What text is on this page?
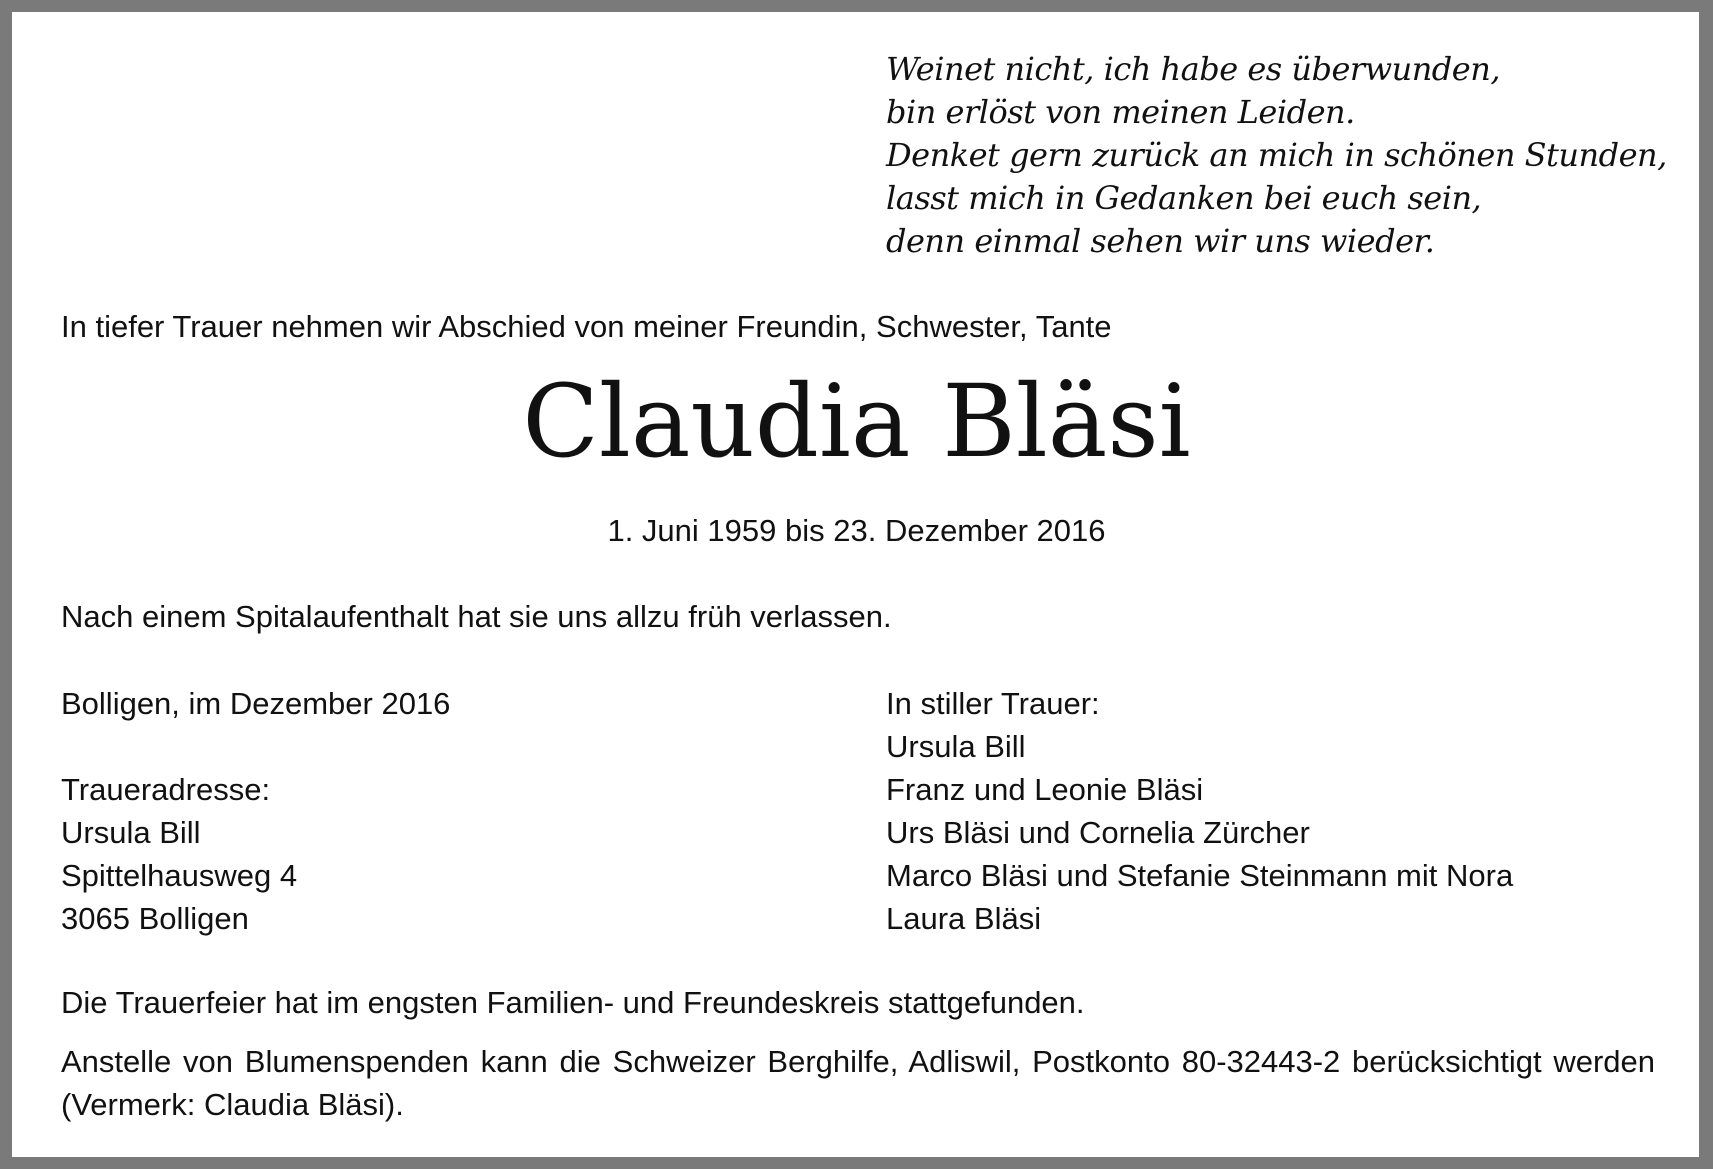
Weinet nicht, ich habe es überwunden,
bin erlöst von meinen Leiden.
Denket gern zurück an mich in schönen Stunden,
lasst mich in Gedanken bei euch sein,
denn einmal sehen wir uns wieder.
In tiefer Trauer nehmen wir Abschied von meiner Freundin, Schwester, Tante
Claudia Bläsi
1. Juni 1959 bis 23. Dezember 2016
Nach einem Spitalaufenthalt hat sie uns allzu früh verlassen.
Bolligen, im Dezember 2016
Traueradresse:
Ursula Bill
Spittelhausweg 4
3065 Bolligen
In stiller Trauer:
Ursula Bill
Franz und Leonie Bläsi
Urs Bläsi und Cornelia Zürcher
Marco Bläsi und Stefanie Steinmann mit Nora
Laura Bläsi
Die Trauerfeier hat im engsten Familien- und Freundeskreis stattgefunden.
Anstelle von Blumenspenden kann die Schweizer Berghilfe, Adliswil, Postkonto 80-32443-2 berücksichtigt werden (Vermerk: Claudia Bläsi).
